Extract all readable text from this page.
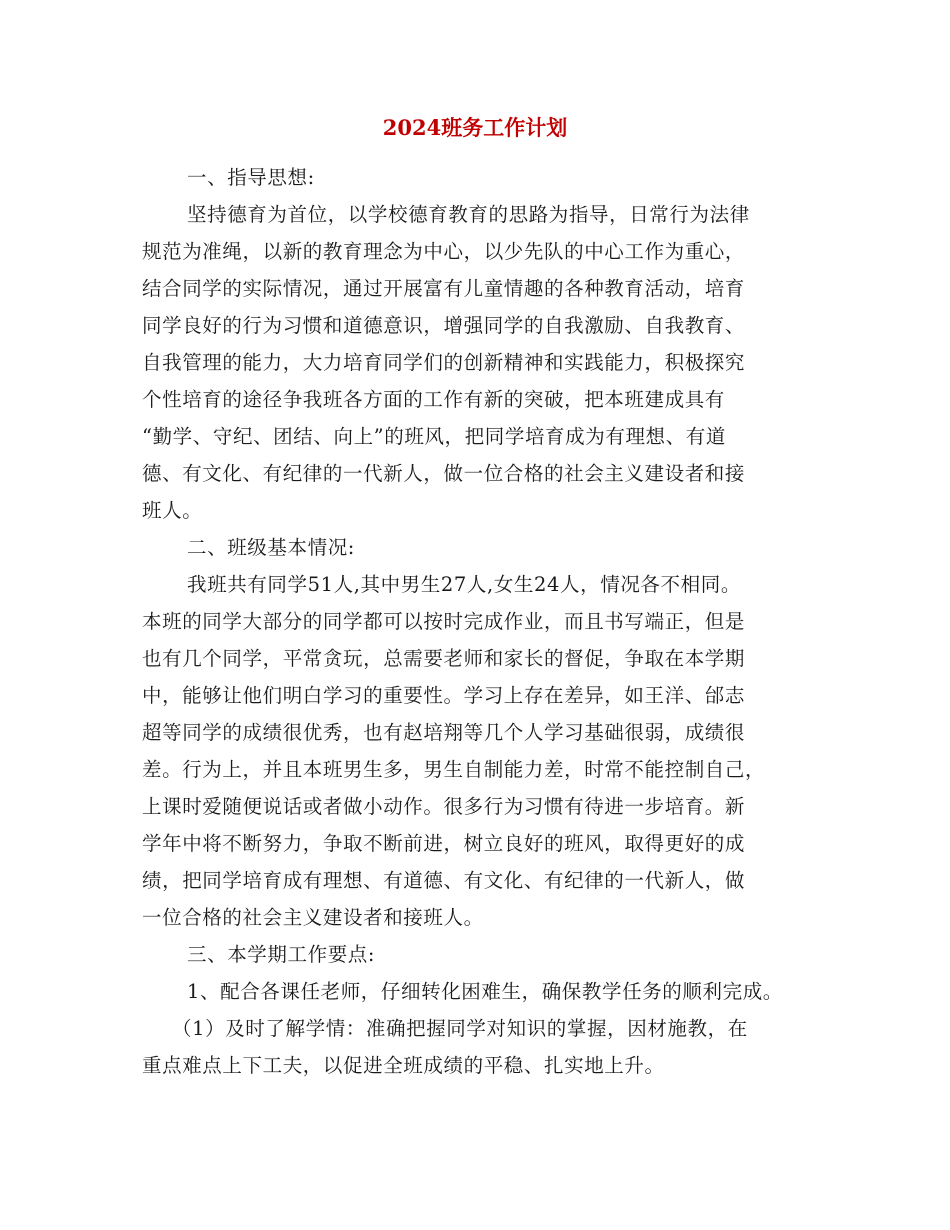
2024班务工作计划
一、指导思想:
坚持德育为首位，以学校德育教育的思路为指导，日常行为法律
规范为准绳，以新的教育理念为中心，以少先队的中心工作为重心，
结合同学的实际情况，通过开展富有儿童情趣的各种教育活动，培育
同学良好的行为习惯和道德意识，增强同学的自我激励、自我教育、
自我管理的能力，大力培育同学们的创新精神和实践能力，积极探究
个性培育的途径争我班各方面的工作有新的突破，把本班建成具有
“勤学、守纪、团结、向上”的班风，把同学培育成为有理想、有道
德、有文化、有纪律的一代新人，做一位合格的社会主义建设者和接
班人。
二、班级基本情况:
我班共有同学51人,其中男生27人,女生24人，情况各不相同。
本班的同学大部分的同学都可以按时完成作业，而且书写端正，但是
也有几个同学，平常贪玩，总需要老师和家长的督促，争取在本学期
中，能够让他们明白学习的重要性。学习上存在差异，如王洋、邰志
超等同学的成绩很优秀，也有赵培翔等几个人学习基础很弱，成绩很
差。行为上，并且本班男生多，男生自制能力差，时常不能控制自己，
上课时爱随便说话或者做小动作。很多行为习惯有待进一步培育。新
学年中将不断努力，争取不断前进，树立良好的班风，取得更好的成
绩，把同学培育成有理想、有道德、有文化、有纪律的一代新人，做
一位合格的社会主义建设者和接班人。
三、本学期工作要点:
1、配合各课任老师，仔细转化困难生，确保教学任务的顺利完成。
（1）及时了解学情：准确把握同学对知识的掌握，因材施教，在
重点难点上下工夫，以促进全班成绩的平稳、扎实地上升。
